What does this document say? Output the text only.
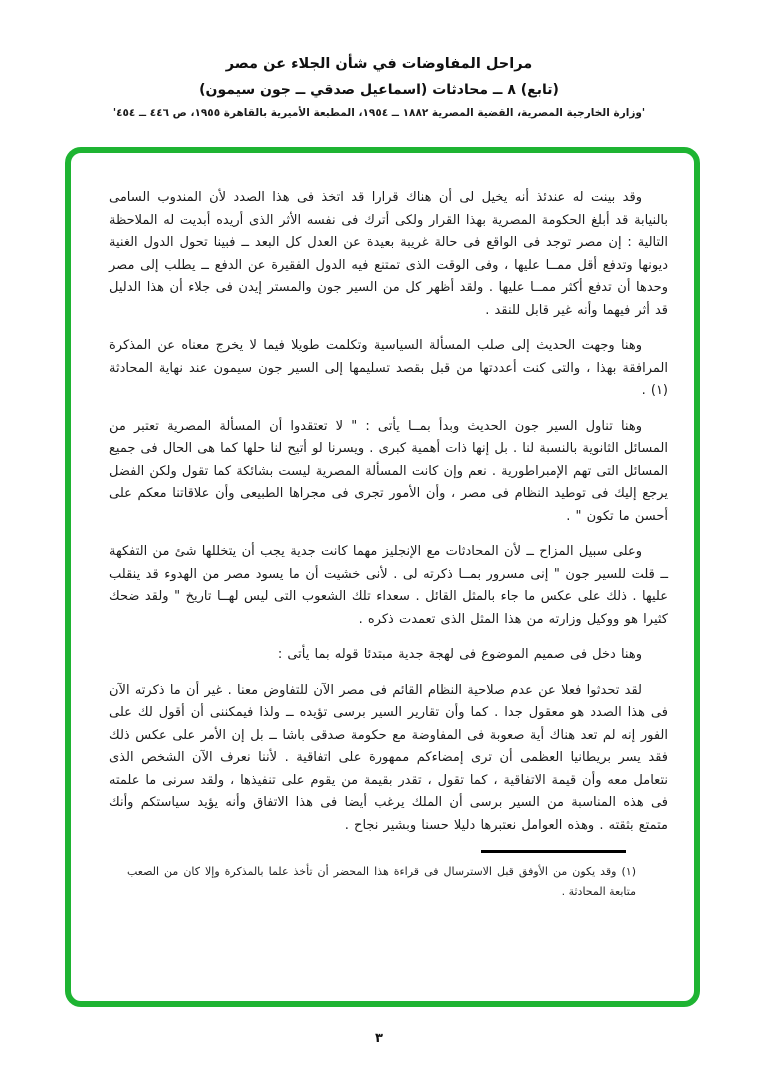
مراحل المفاوضات في شأن الجلاء عن مصر
(تابع) ٨ ــ محادثات (اسماعيل صدقي ــ جون سيمون)
'وزارة الخارجية المصرية، القضية المصرية ١٨٨٢ ــ ١٩٥٤، المطبعة الأميرية بالقاهرة ١٩٥٥، ص ٤٤٦ ــ ٤٥٤'

وقد بينت له عندئذ أنه يخيل لى أن هناك قرارا قد اتخذ فى هذا الصدد لأن المندوب السامى بالنيابة قد أبلغ الحكومة المصرية بهذا القرار ولكى أترك فى نفسه الأثر الذى أريده أبديت له الملاحظة التالية : إن مصر توجد فى الواقع فى حالة غريبة بعيدة عن العدل كل البعد ــ فبينا تحول الدول الغنية ديونها وتدفع أقل ممــا عليها ، وفى الوقت الذى تمتنع فيه الدول الفقيرة عن الدفع ــ يطلب إلى مصر وحدها أن تدفع أكثر ممــا عليها . ولقد أظهر كل من السير جون والمستر إيدن فى جلاء أن هذا الدليل قد أثر فيهما وأنه غير قابل للنقد .

وهنا وجهت الحديث إلى صلب المسألة السياسية وتكلمت طويلا فيما لا يخرج معناه عن المذكرة المرافقة بهذا ، والتى كنت أعددتها من قبل بقصد تسليمها إلى السير جون سيمون عند نهاية المحادثة (١) .

وهنا تناول السير جون الحديث وبدأ بمــا يأتى : " لا تعتقدوا أن المسألة المصرية تعتبر من المسائل الثانوية بالنسبة لنا . بل إنها ذات أهمية كبرى . ويسرنا لو أتيح لنا حلها كما هى الحال فى جميع المسائل التى تهم الإمبراطورية . نعم وإن كانت المسألة المصرية ليست بشائكة كما تقول ولكن الفضل يرجع إليك فى توطيد النظام فى مصر ، وأن الأمور تجرى فى مجراها الطبيعى وأن علاقاتنا معكم على أحسن ما تكون " .

وعلى سبيل المزاح ــ لأن المحادثات مع الإنجليز مهما كانت جدية يجب أن يتخللها شئ من التفكهة ــ قلت للسير جون " إنى مسرور بمــا ذكرته لى . لأنى خشيت أن ما يسود مصر من الهدوء قد ينقلب عليها . ذلك على عكس ما جاء بالمثل القائل . سعداء تلك الشعوب التى ليس لهــا تاريخ " ولقد ضحك كثيرا هو ووكيل وزارته من هذا المثل الذى تعمدت ذكره .

وهنا دخل فى صميم الموضوع فى لهجة جدية مبتدئا قوله بما يأتى :

لقد تحدثوا فعلا عن عدم صلاحية النظام القائم فى مصر الآن للتفاوض معنا . غير أن ما ذكرته الآن فى هذا الصدد هو معقول جدا . كما وأن تقارير السير برسى تؤيده ــ ولذا فيمكننى أن أقول لك على الفور إنه لم تعد هناك أية صعوبة فى المفاوضة مع حكومة صدقى باشا ــ بل إن الأمر على عكس ذلك فقد يسر بريطانيا العظمى أن ترى إمضاءكم ممهورة على اتفاقية . لأننا نعرف الآن الشخص الذى نتعامل معه وأن قيمة الاتفاقية ، كما تقول ، تقدر بقيمة من يقوم على تنفيذها ، ولقد سرنى ما علمته فى هذه المناسبة من السير برسى أن الملك يرغب أيضا فى هذا الاتفاق وأنه يؤيد سياستكم وأنك متمتع بثقته . وهذه العوامل نعتبرها دليلا حسنا وبشير نجاح .

(١) وقد يكون من الأوفق قبل الاسترسال فى قراءة هذا المحضر أن تأخذ علما بالمذكرة وإلا كان من الصعب متابعة المحادثة .
٣
